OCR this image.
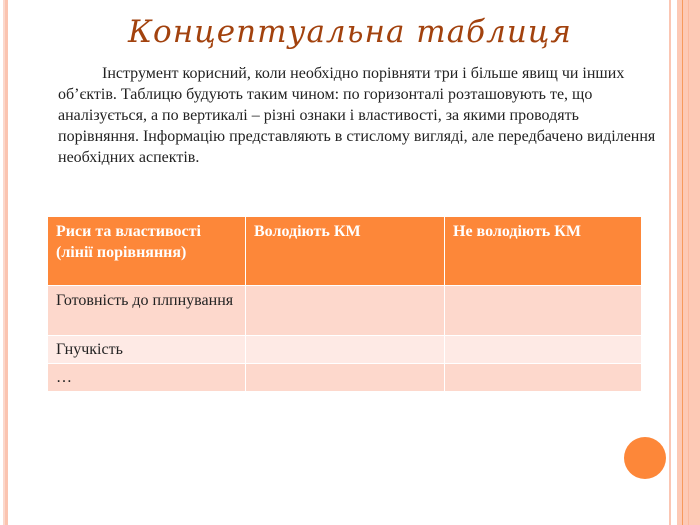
Концептуальна таблиця

Інструмент корисний, коли необхідно порівняти три і більше явищ чи інших об’єктів. Таблицю будують таким чином: по горизонталі розташовують те, що аналізується, а по вертикалі – різні ознаки і властивості, за якими проводять порівняння. Інформацію представляють в стислому вигляді, але передбачено виділення необхідних аспектів.

Риси та властивості (лінії порівняння)	Володіють КМ	Не володіють КМ
Готовність до плпнування		
Гнучкість		
…		
